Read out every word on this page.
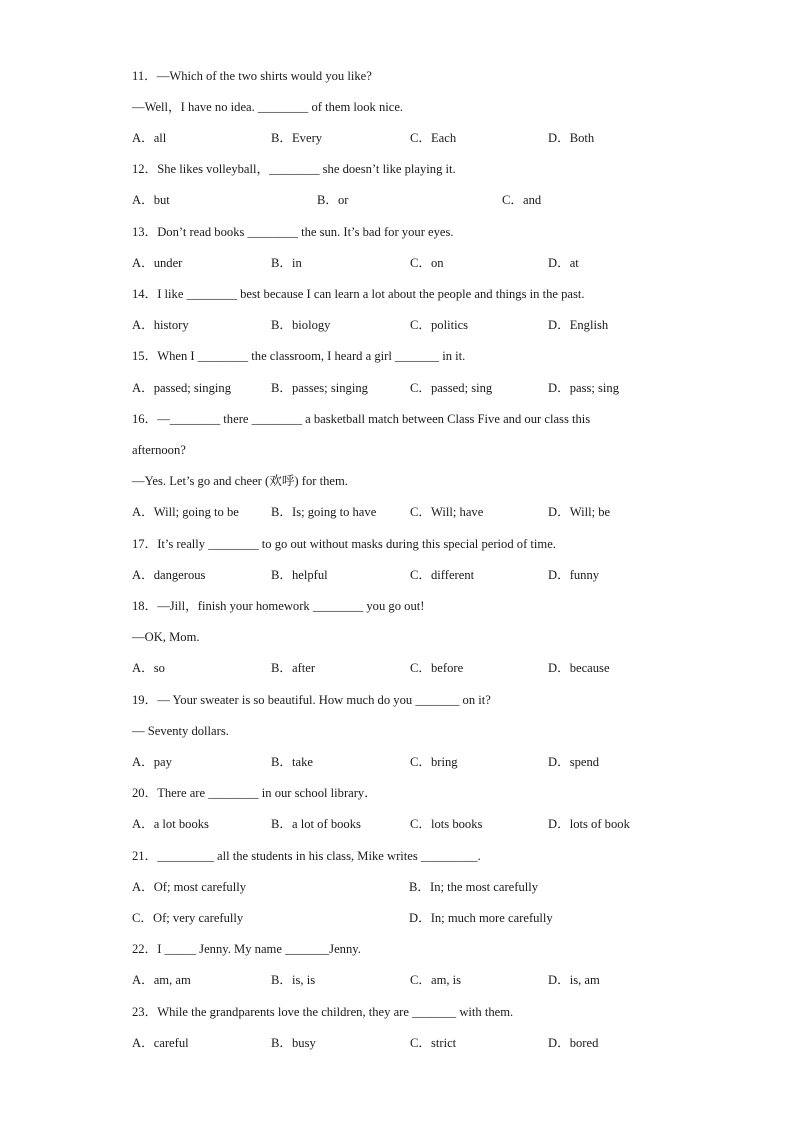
11．—Which of the two shirts would you like?
—Well，I have no idea. ________ of them look nice.
A．all	B．Every	C．Each	D．Both
12．She likes volleyball，________ she doesn’t like playing it.
A．but	B．or	C．and
13．Don’t read books ________ the sun. It’s bad for your eyes.
A．under	B．in	C．on	D．at
14．I like ________ best because I can learn a lot about the people and things in the past.
A．history	B．biology	C．politics	D．English
15．When I ________ the classroom, I heard a girl _______ in it.
A．passed; singing	B．passes; singing	C．passed; sing	D．pass; sing
16．—________ there ________ a basketball match between Class Five and our class this
afternoon?
—Yes. Let’s go and cheer (欢呼) for them.
A．Will; going to be	B．Is; going to have	C．Will; have	D．Will; be
17．It’s really ________ to go out without masks during this special period of time.
A．dangerous	B．helpful	C．different	D．funny
18．—Jill，finish your homework ________ you go out!
—OK, Mom.
A．so	B．after	C．before	D．because
19．— Your sweater is so beautiful. How much do you _______ on it?
— Seventy dollars.
A．pay	B．take	C．bring	D．spend
20．There are ________ in our school library．
A．a lot books	B．a lot of books	C．lots books	D．lots of book
21．_________ all the students in his class, Mike writes _________.
A．Of; most carefully	B．In; the most carefully
C．Of; very carefully	D．In; much more carefully
22．I _____ Jenny. My name _______Jenny.
A．am, am	B．is, is	C．am, is	D．is, am
23．While the grandparents love the children, they are _______ with them.
A．careful	B．busy	C．strict	D．bored
